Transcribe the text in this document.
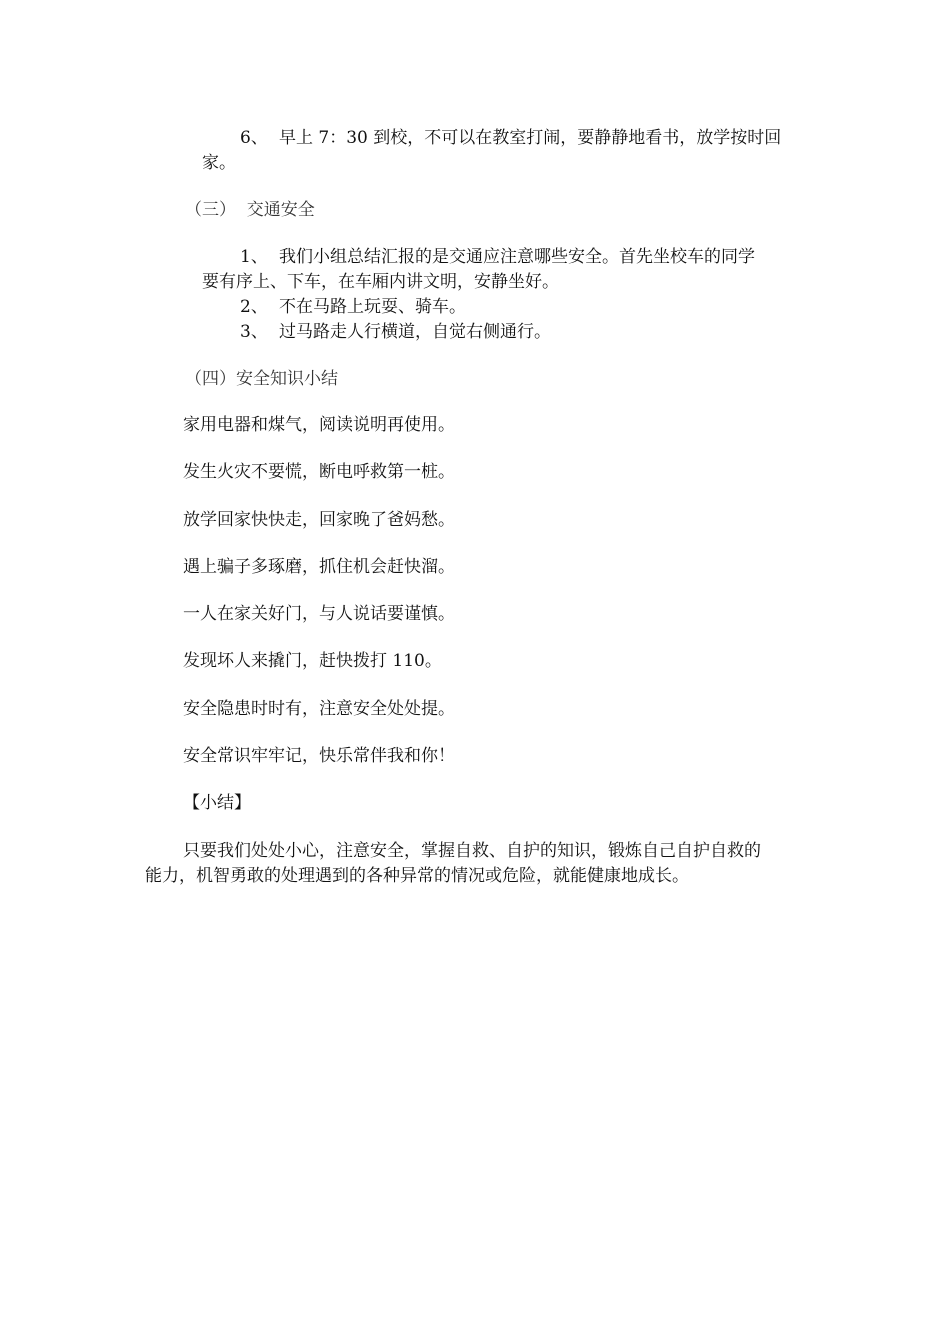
6、 早上 7：30 到校，不可以在教室打闹，要静静地看书，放学按时回
家。
（三）  交通安全
1、 我们小组总结汇报的是交通应注意哪些安全。首先坐校车的同学
要有序上、下车，在车厢内讲文明，安静坐好。
2、 不在马路上玩耍、骑车。
3、 过马路走人行横道，自觉右侧通行。
（四）安全知识小结
家用电器和煤气，阅读说明再使用。
发生火灾不要慌，断电呼救第一桩。
放学回家快快走，回家晚了爸妈愁。
遇上骗子多琢磨，抓住机会赶快溜。
一人在家关好门，与人说话要谨慎。
发现坏人来撬门，赶快拨打 110。
安全隐患时时有，注意安全处处提。
安全常识牢牢记，快乐常伴我和你！
【小结】
只要我们处处小心，注意安全，掌握自救、自护的知识，锻炼自己自护自救的
能力，机智勇敢的处理遇到的各种异常的情况或危险，就能健康地成长。
